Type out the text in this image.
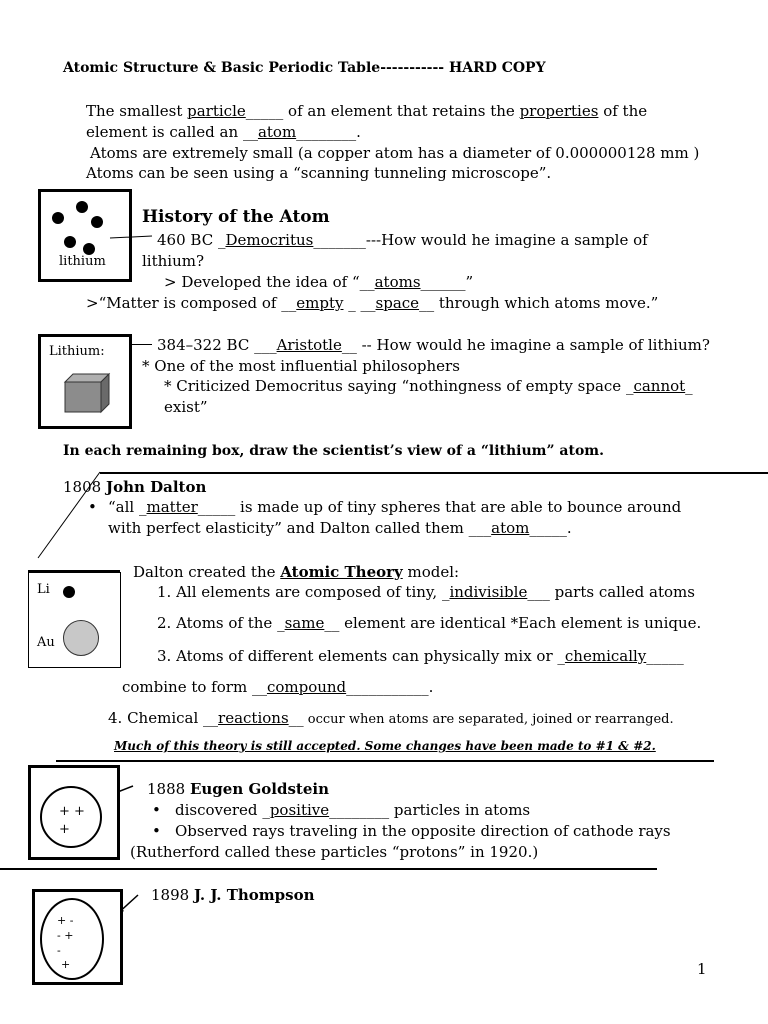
Atomic Structure & Basic Periodic Table----------- HARD COPY
The smallest particle_____ of an element that retains the properties of the
element is called an __atom________.
Atoms are extremely small (a copper atom has a diameter of 0.000000128 mm )
Atoms can be seen using a “scanning tunneling microscope”.
lithium
History of the Atom
460 BC _Democritus_______---How would he imagine a sample of
lithium?
> Developed the idea of “__atoms______”
>“Matter is composed of __empty _ __space__ through which atoms move.”
Lithium:	384–322 BC ___Aristotle__ -- How would he imagine a sample of lithium?
* One of the most influential philosophers
* Criticized Democritus saying “nothingness of empty space _cannot_
exist”
In each remaining box, draw the scientist’s view of a “lithium” atom.
1808 John Dalton
• “all _matter_____ is made up of tiny spheres that are able to bounce around
with perfect elasticity” and Dalton called them ___atom_____.
Li
Au
Dalton created the Atomic Theory model:
1. All elements are composed of tiny, _indivisible___ parts called atoms
2. Atoms of the _same__ element are identical *Each element is unique.
3. Atoms of different elements can physically mix or _chemically_____
combine to form __compound___________.
4. Chemical __reactions__ occur when atoms are separated, joined or rearranged.
Much of this theory is still accepted. Some changes have been made to #1 & #2.
+ +
+
1888 Eugen Goldstein
• discovered _positive________ particles in atoms
• Observed rays traveling in the opposite direction of cathode rays
(Rutherford called these particles “protons” in 1920.)
+ -
- +
-
+
1898 J. J. Thompson
1
